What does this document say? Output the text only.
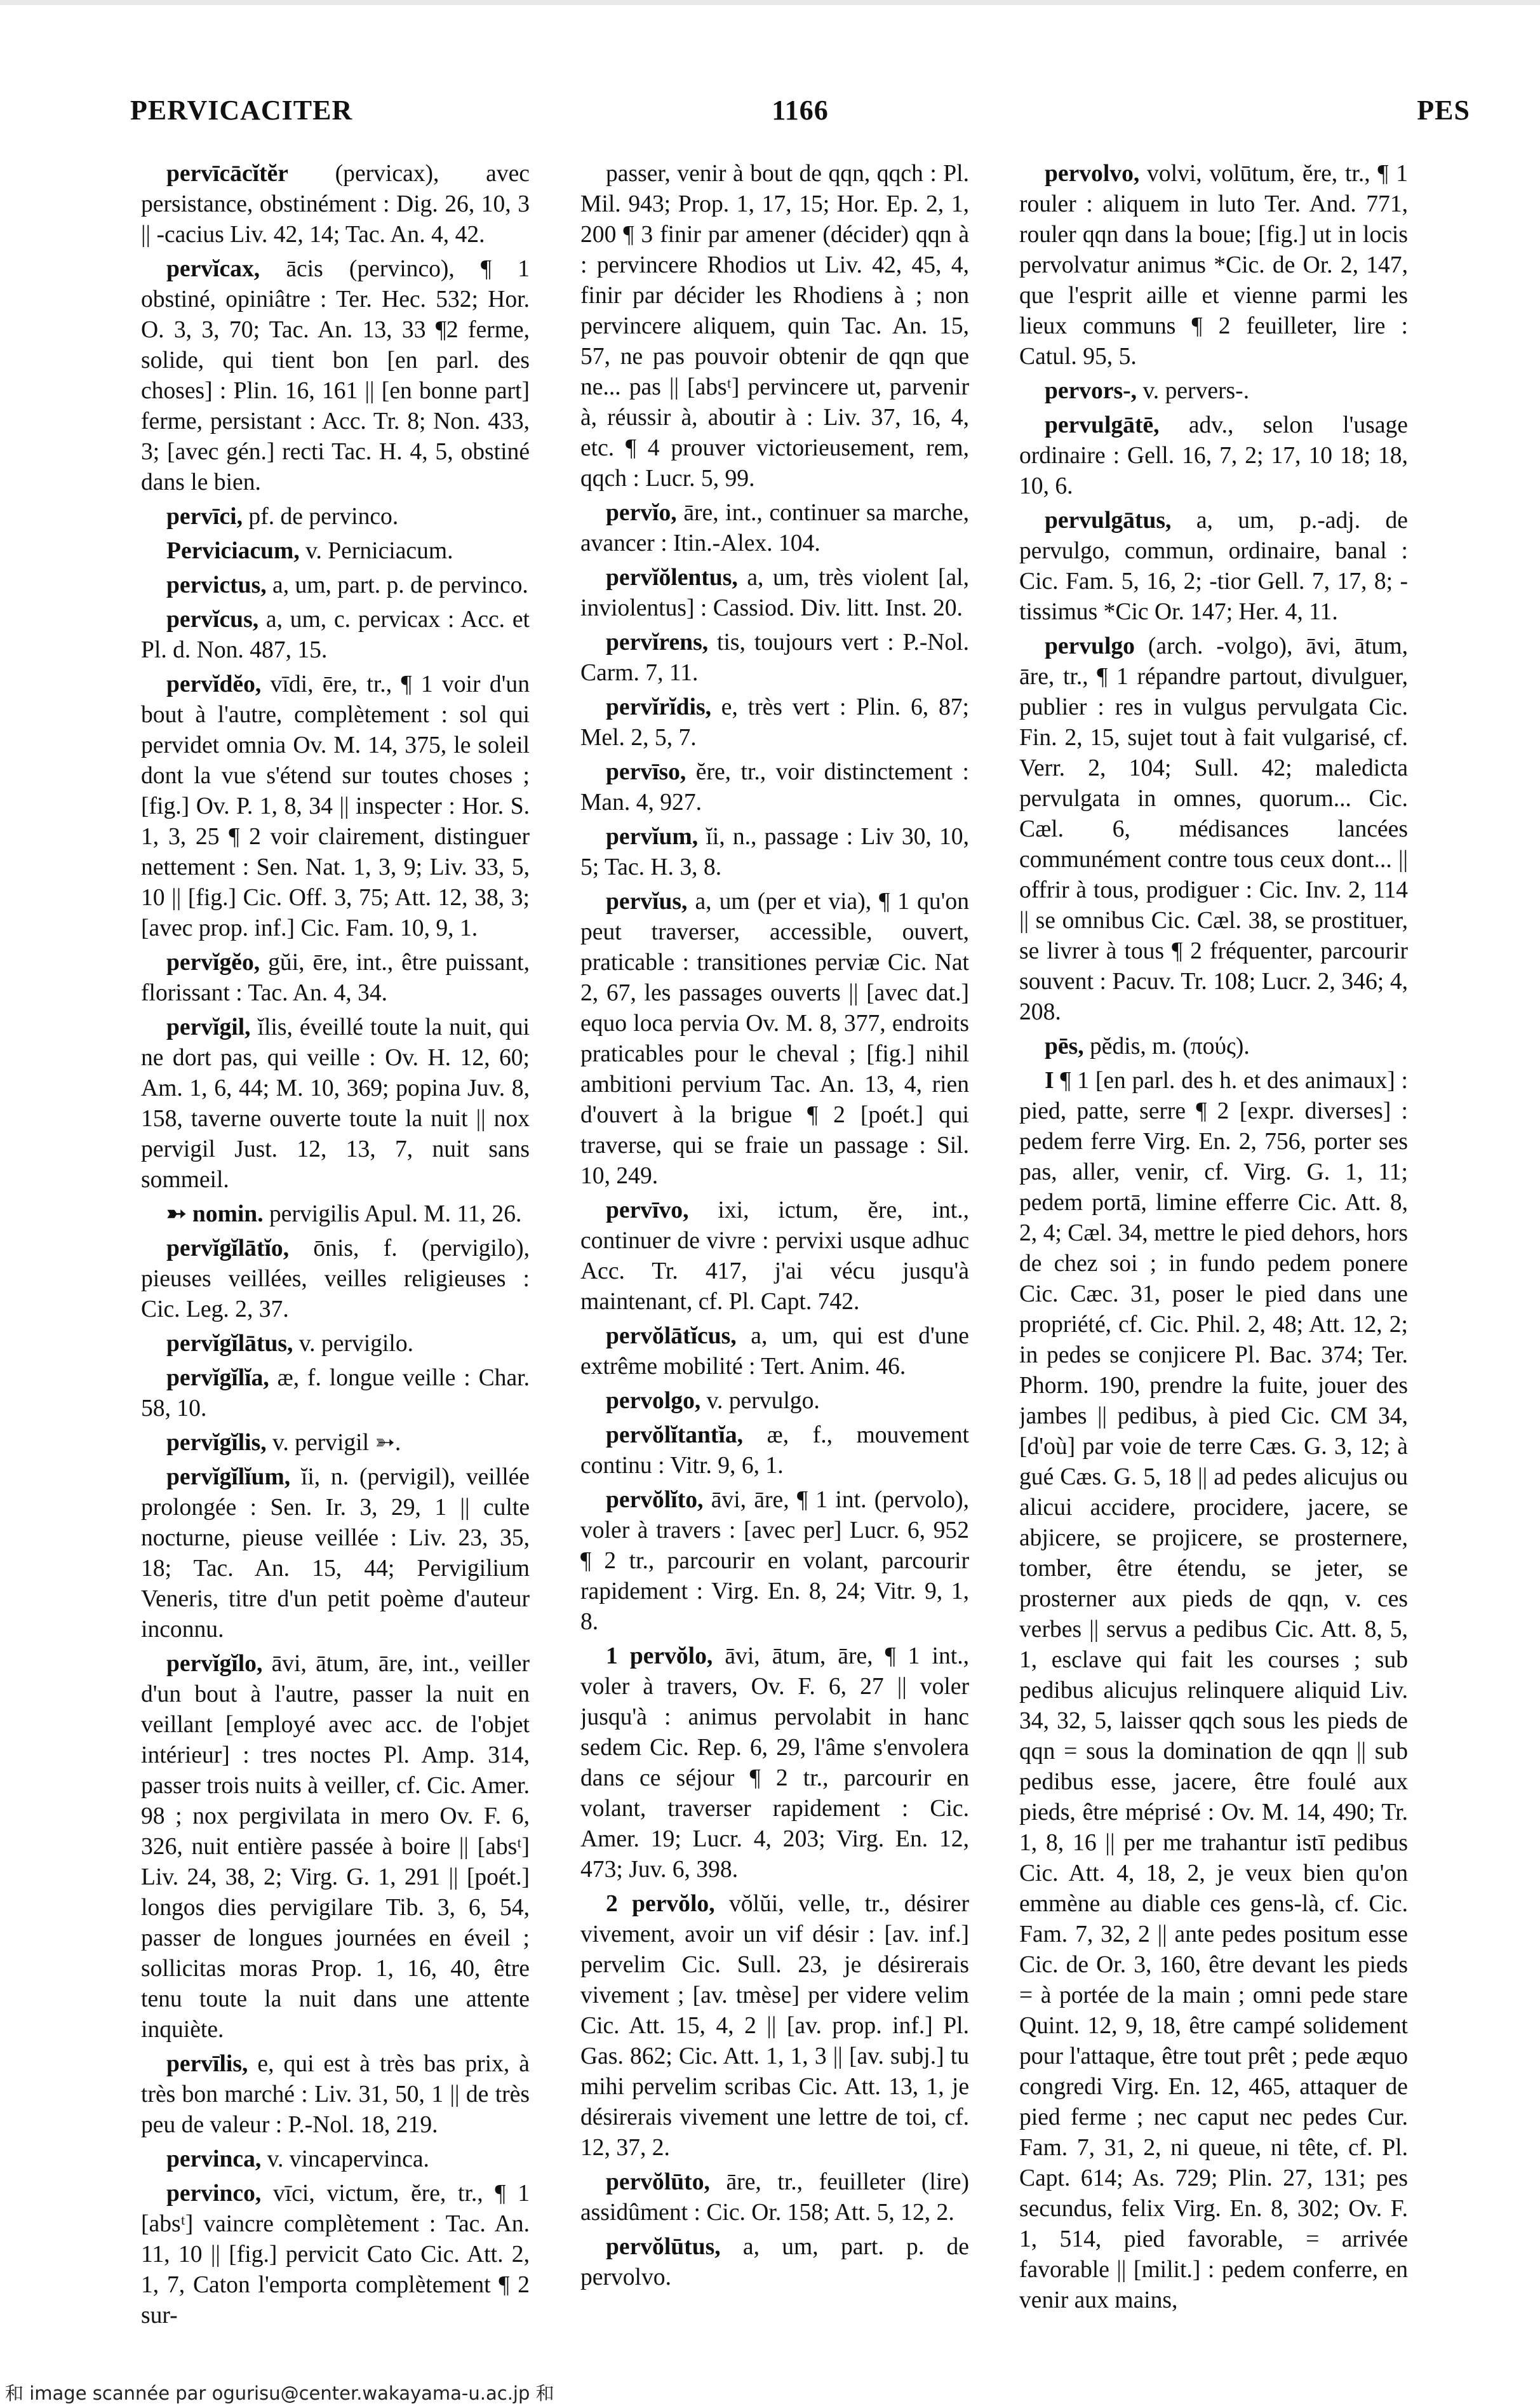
PERVICACITER	1166	PES

pervīcācĭtĕr (pervicax), avec persistance, obstinément : Dig. 26, 10, 3 || -cacius Liv. 42, 14; Tac. An. 4, 42.

pervĭcax, ācis (pervinco), ¶ 1 obstiné, opiniâtre : Ter. Hec. 532; Hor. O. 3, 3, 70; Tac. An. 13, 33 ¶2 ferme, solide, qui tient bon [en parl. des choses] : Plin. 16, 161 || [en bonne part] ferme, persistant : Acc. Tr. 8; Non. 433, 3; [avec gén.] recti Tac. H. 4, 5, obstiné dans le bien.

pervīci, pf. de pervinco.

Perviciacum, v. Perniciacum.

pervictus, a, um, part. p. de pervinco.

pervĭcus, a, um, c. pervicax : Acc. et Pl. d. Non. 487, 15.

pervĭdĕo, vīdi, ēre, tr., ¶ 1 voir d'un bout à l'autre, complètement : sol qui pervidet omnia Ov. M. 14, 375, le soleil dont la vue s'étend sur toutes choses ; [fig.] Ov. P. 1, 8, 34 || inspecter : Hor. S. 1, 3, 25 ¶ 2 voir clairement, distinguer nettement : Sen. Nat. 1, 3, 9; Liv. 33, 5, 10 || [fig.] Cic. Off. 3, 75; Att. 12, 38, 3; [avec prop. inf.] Cic. Fam. 10, 9, 1.

pervĭgĕo, gŭi, ēre, int., être puissant, florissant : Tac. An. 4, 34.

pervĭgil, ĭlis, éveillé toute la nuit, qui ne dort pas, qui veille : Ov. H. 12, 60; Am. 1, 6, 44; M. 10, 369; popina Juv. 8, 158, taverne ouverte toute la nuit || nox pervigil Just. 12, 13, 7, nuit sans sommeil.

➳ nomin. pervigilis Apul. M. 11, 26.

pervĭgĭlātĭo, ōnis, f. (pervigilo), pieuses veillées, veilles religieuses : Cic. Leg. 2, 37.

pervĭgĭlātus, v. pervigilo.

pervĭgĭlĭa, æ, f. longue veille : Char. 58, 10.

pervĭgĭlis, v. pervigil ➳.

pervĭgĭlĭum, ĭi, n. (pervigil), veillée prolongée : Sen. Ir. 3, 29, 1 || culte nocturne, pieuse veillée : Liv. 23, 35, 18; Tac. An. 15, 44; Pervigilium Veneris, titre d'un petit poème d'auteur inconnu.

pervĭgĭlo, āvi, ātum, āre, int., veiller d'un bout à l'autre, passer la nuit en veillant [employé avec acc. de l'objet intérieur] : tres noctes Pl. Amp. 314, passer trois nuits à veiller, cf. Cic. Amer. 98 ; nox pergivilata in mero Ov. F. 6, 326, nuit entière passée à boire || [absᵗ] Liv. 24, 38, 2; Virg. G. 1, 291 || [poét.] longos dies pervigilare Tib. 3, 6, 54, passer de longues journées en éveil ; sollicitas moras Prop. 1, 16, 40, être tenu toute la nuit dans une attente inquiète.

pervīlis, e, qui est à très bas prix, à très bon marché : Liv. 31, 50, 1 || de très peu de valeur : P.-Nol. 18, 219.

pervinca, v. vincapervinca.

pervinco, vīci, victum, ĕre, tr., ¶ 1 [absᵗ] vaincre complètement : Tac. An. 11, 10 || [fig.] pervicit Cato Cic. Att. 2, 1, 7, Caton l'emporta complètement ¶ 2 sur-

passer, venir à bout de qqn, qqch : Pl. Mil. 943; Prop. 1, 17, 15; Hor. Ep. 2, 1, 200 ¶ 3 finir par amener (décider) qqn à : pervincere Rhodios ut Liv. 42, 45, 4, finir par décider les Rhodiens à ; non pervincere aliquem, quin Tac. An. 15, 57, ne pas pouvoir obtenir de qqn que ne... pas || [absᵗ] pervincere ut, parvenir à, réussir à, aboutir à : Liv. 37, 16, 4, etc. ¶ 4 prouver victorieusement, rem, qqch : Lucr. 5, 99.

pervĭo, āre, int., continuer sa marche, avancer : Itin.-Alex. 104.

pervĭŏlentus, a, um, très violent [al, inviolentus] : Cassiod. Div. litt. Inst. 20.

pervĭrens, tis, toujours vert : P.-Nol. Carm. 7, 11.

pervĭrĭdis, e, très vert : Plin. 6, 87; Mel. 2, 5, 7.

pervīso, ĕre, tr., voir distinctement : Man. 4, 927.

pervĭum, ĭi, n., passage : Liv 30, 10, 5; Tac. H. 3, 8.

pervĭus, a, um (per et via), ¶ 1 qu'on peut traverser, accessible, ouvert, praticable : transitiones perviæ Cic. Nat 2, 67, les passages ouverts || [avec dat.] equo loca pervia Ov. M. 8, 377, endroits praticables pour le cheval ; [fig.] nihil ambitioni pervium Tac. An. 13, 4, rien d'ouvert à la brigue ¶ 2 [poét.] qui traverse, qui se fraie un passage : Sil. 10, 249.

pervīvo, ixi, ictum, ĕre, int., continuer de vivre : pervixi usque adhuc Acc. Tr. 417, j'ai vécu jusqu'à maintenant, cf. Pl. Capt. 742.

pervŏlātĭcus, a, um, qui est d'une extrême mobilité : Tert. Anim. 46.

pervolgo, v. pervulgo.

pervŏlĭtantĭa, æ, f., mouvement continu : Vitr. 9, 6, 1.

pervŏlĭto, āvi, āre, ¶ 1 int. (pervolo), voler à travers : [avec per] Lucr. 6, 952 ¶ 2 tr., parcourir en volant, parcourir rapidement : Virg. En. 8, 24; Vitr. 9, 1, 8.

1 pervŏlo, āvi, ātum, āre, ¶ 1 int., voler à travers, Ov. F. 6, 27 || voler jusqu'à : animus pervolabit in hanc sedem Cic. Rep. 6, 29, l'âme s'envolera dans ce séjour ¶ 2 tr., parcourir en volant, traverser rapidement : Cic. Amer. 19; Lucr. 4, 203; Virg. En. 12, 473; Juv. 6, 398.

2 pervŏlo, vŏlŭi, velle, tr., désirer vivement, avoir un vif désir : [av. inf.] pervelim Cic. Sull. 23, je désirerais vivement ; [av. tmèse] per videre velim Cic. Att. 15, 4, 2 || [av. prop. inf.] Pl. Gas. 862; Cic. Att. 1, 1, 3 || [av. subj.] tu mihi pervelim scribas Cic. Att. 13, 1, je désirerais vivement une lettre de toi, cf. 12, 37, 2.

pervŏlūto, āre, tr., feuilleter (lire) assidûment : Cic. Or. 158; Att. 5, 12, 2.

pervŏlūtus, a, um, part. p. de pervolvo.

pervolvo, volvi, volūtum, ĕre, tr., ¶ 1 rouler : aliquem in luto Ter. And. 771, rouler qqn dans la boue; [fig.] ut in locis pervolvatur animus *Cic. de Or. 2, 147, que l'esprit aille et vienne parmi les lieux communs ¶ 2 feuilleter, lire : Catul. 95, 5.

pervors-, v. pervers-.

pervulgātē, adv., selon l'usage ordinaire : Gell. 16, 7, 2; 17, 10 18; 18, 10, 6.

pervulgātus, a, um, p.-adj. de pervulgo, commun, ordinaire, banal : Cic. Fam. 5, 16, 2; -tior Gell. 7, 17, 8; -tissimus *Cic Or. 147; Her. 4, 11.

pervulgo (arch. -volgo), āvi, ātum, āre, tr., ¶ 1 répandre partout, divulguer, publier : res in vulgus pervulgata Cic. Fin. 2, 15, sujet tout à fait vulgarisé, cf. Verr. 2, 104; Sull. 42; maledicta pervulgata in omnes, quorum... Cic. Cæl. 6, médisances lancées communément contre tous ceux dont... || offrir à tous, prodiguer : Cic. Inv. 2, 114 || se omnibus Cic. Cæl. 38, se prostituer, se livrer à tous ¶ 2 fréquenter, parcourir souvent : Pacuv. Tr. 108; Lucr. 2, 346; 4, 208.

pēs, pĕdis, m. (πούς).

I ¶ 1 [en parl. des h. et des animaux] : pied, patte, serre ¶ 2 [expr. diverses] : pedem ferre Virg. En. 2, 756, porter ses pas, aller, venir, cf. Virg. G. 1, 11; pedem portā, limine efferre Cic. Att. 8, 2, 4; Cæl. 34, mettre le pied dehors, hors de chez soi ; in fundo pedem ponere Cic. Cæc. 31, poser le pied dans une propriété, cf. Cic. Phil. 2, 48; Att. 12, 2; in pedes se conjicere Pl. Bac. 374; Ter. Phorm. 190, prendre la fuite, jouer des jambes || pedibus, à pied Cic. CM 34, [d'où] par voie de terre Cæs. G. 3, 12; à gué Cæs. G. 5, 18 || ad pedes alicujus ou alicui accidere, procidere, jacere, se abjicere, se projicere, se prosternere, tomber, être étendu, se jeter, se prosterner aux pieds de qqn, v. ces verbes || servus a pedibus Cic. Att. 8, 5, 1, esclave qui fait les courses ; sub pedibus alicujus relinquere aliquid Liv. 34, 32, 5, laisser qqch sous les pieds de qqn = sous la domination de qqn || sub pedibus esse, jacere, être foulé aux pieds, être méprisé : Ov. M. 14, 490; Tr. 1, 8, 16 || per me trahantur istī pedibus Cic. Att. 4, 18, 2, je veux bien qu'on emmène au diable ces gens-là, cf. Cic. Fam. 7, 32, 2 || ante pedes positum esse Cic. de Or. 3, 160, être devant les pieds = à portée de la main ; omni pede stare Quint. 12, 9, 18, être campé solidement pour l'attaque, être tout prêt ; pede æquo congredi Virg. En. 12, 465, attaquer de pied ferme ; nec caput nec pedes Cur. Fam. 7, 31, 2, ni queue, ni tête, cf. Pl. Capt. 614; As. 729; Plin. 27, 131; pes secundus, felix Virg. En. 8, 302; Ov. F. 1, 514, pied favorable, = arrivée favorable || [milit.] : pedem conferre, en venir aux mains,

和 image scannée par ogurisu@center.wakayama-u.ac.jp 和
